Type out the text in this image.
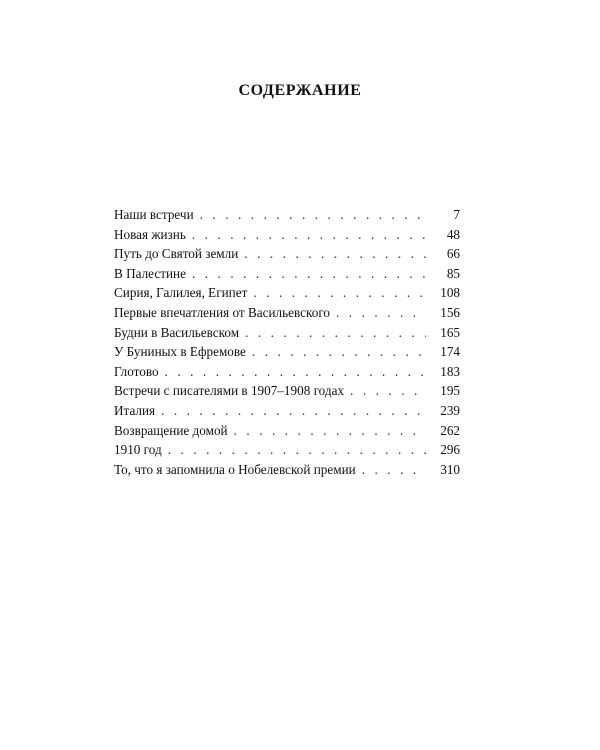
СОДЕРЖАНИЕ
Наши встречи . . .	7
Новая жизнь . . .	48
Путь до Святой земли . . .	66
В Палестине . . .	85
Сирия, Галилея, Египет . . .	108
Первые впечатления от Васильевского . . .	156
Будни в Васильевском . . .	165
У Буниных в Ефремове . . .	174
Глотово . . .	183
Встречи с писателями в 1907–1908 годах . . .	195
Италия . . .	239
Возвращение домой . . .	262
1910 год . . .	296
То, что я запомнила о Нобелевской премии . . .	310
